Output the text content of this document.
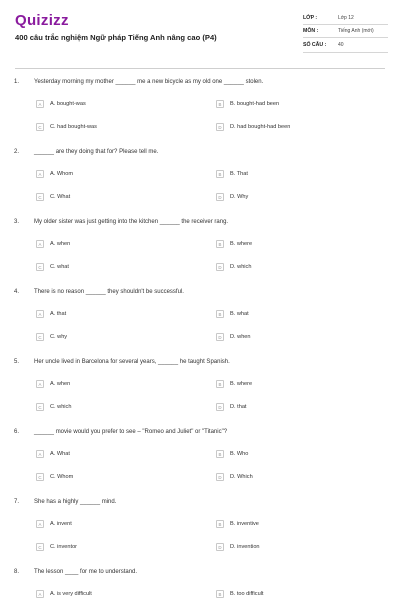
Quizizz
400 câu trắc nghiệm Ngữ pháp Tiếng Anh nâng cao (P4)
LỚP :	Lớp 12
MÔN :	Tiếng Anh (mới)
SỐ CÂU :	40
1. Yesterday morning my mother ______ me a new bicycle as my old one ______ stolen.
A	A. bought-was	B	B. bought-had been
C	C. had bought-was	D	D. had bought-had been
2. ______ are they doing that for? Please tell me.
A	A. Whom	B	B. That
C	C. What	D	D. Why
3. My older sister was just getting into the kitchen ______ the receiver rang.
A	A. when	B	B. where
C	C. what	D	D. which
4. There is no reason ______ they shouldn't be successful.
A	A. that	B	B. what
C	C. why	D	D. when
5. Her uncle lived in Barcelona for several years, ______ he taught Spanish.
A	A. when	B	B. where
C	C. which	D	D. that
6. ______ movie would you prefer to see – "Romeo and Juliet" or "Titanic"?
A	A. What	B	B. Who
C	C. Whom	D	D. Which
7. She has a highly ______ mind.
A	A. invent	B	B. inventive
C	C. inventor	D	D. invention
8. The lesson ____ for me to understand.
A	A. is very difficult	B	B. too difficult
